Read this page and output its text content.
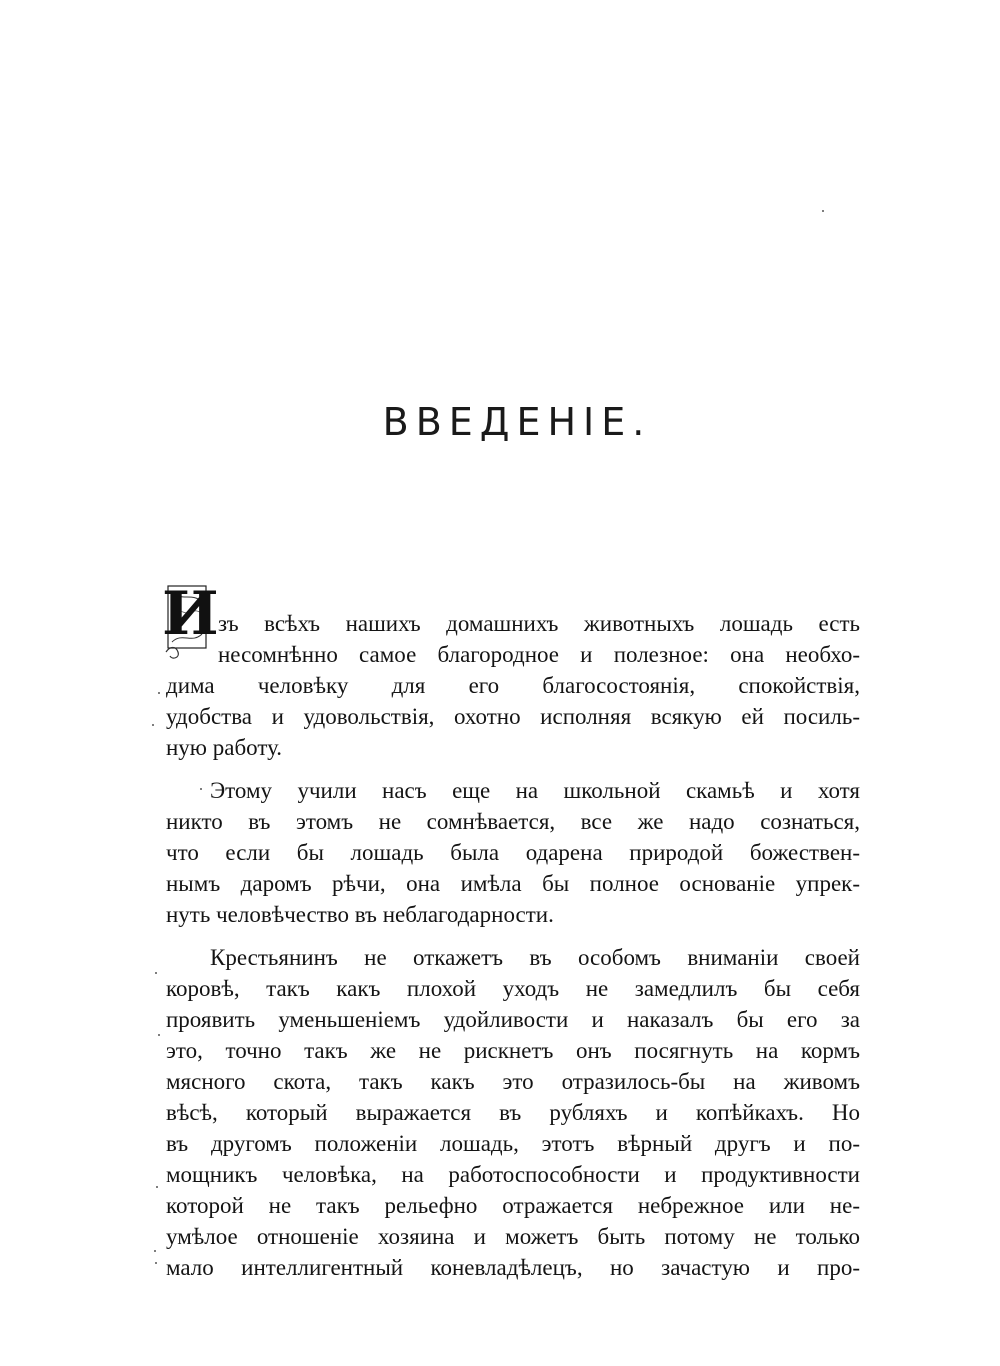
ВВЕДЕНІЕ.
И зъ всѣхъ нашихъ домашнихъ животныхъ лошадь есть
несомнѣнно самое благородное и полезное: она необхо-
дима человѣку для его благосостоянія, спокойствія,
удобства и удовольствія, охотно исполняя всякую ей посиль-
ную работу.
Этому учили насъ еще на школьной скамьѣ и хотя
никто въ этомъ не сомнѣвается, все же надо сознаться,
что если бы лошадь была одарена природой божествен-
нымъ даромъ рѣчи, она имѣла бы полное основаніе упрек-
нуть человѣчество въ неблагодарности.
Крестьянинъ не откажетъ въ особомъ вниманіи своей
коровѣ, такъ какъ плохой уходъ не замедлилъ бы себя
проявить уменьшеніемъ удойливости и наказалъ бы его за
это, точно такъ же не рискнетъ онъ посягнуть на кормъ
мясного скота, такъ какъ это отразилось-бы на живомъ
вѣсѣ, который выражается въ рубляхъ и копѣйкахъ. Но
въ другомъ положеніи лошадь, этотъ вѣрный другъ и по-
мощникъ человѣка, на работоспособности и продуктивности
которой не такъ рельефно отражается небрежное или не-
умѣлое отношеніе хозяина и можетъ быть потому не только
мало интеллигентный коневладѣлецъ, но зачастую и про-
